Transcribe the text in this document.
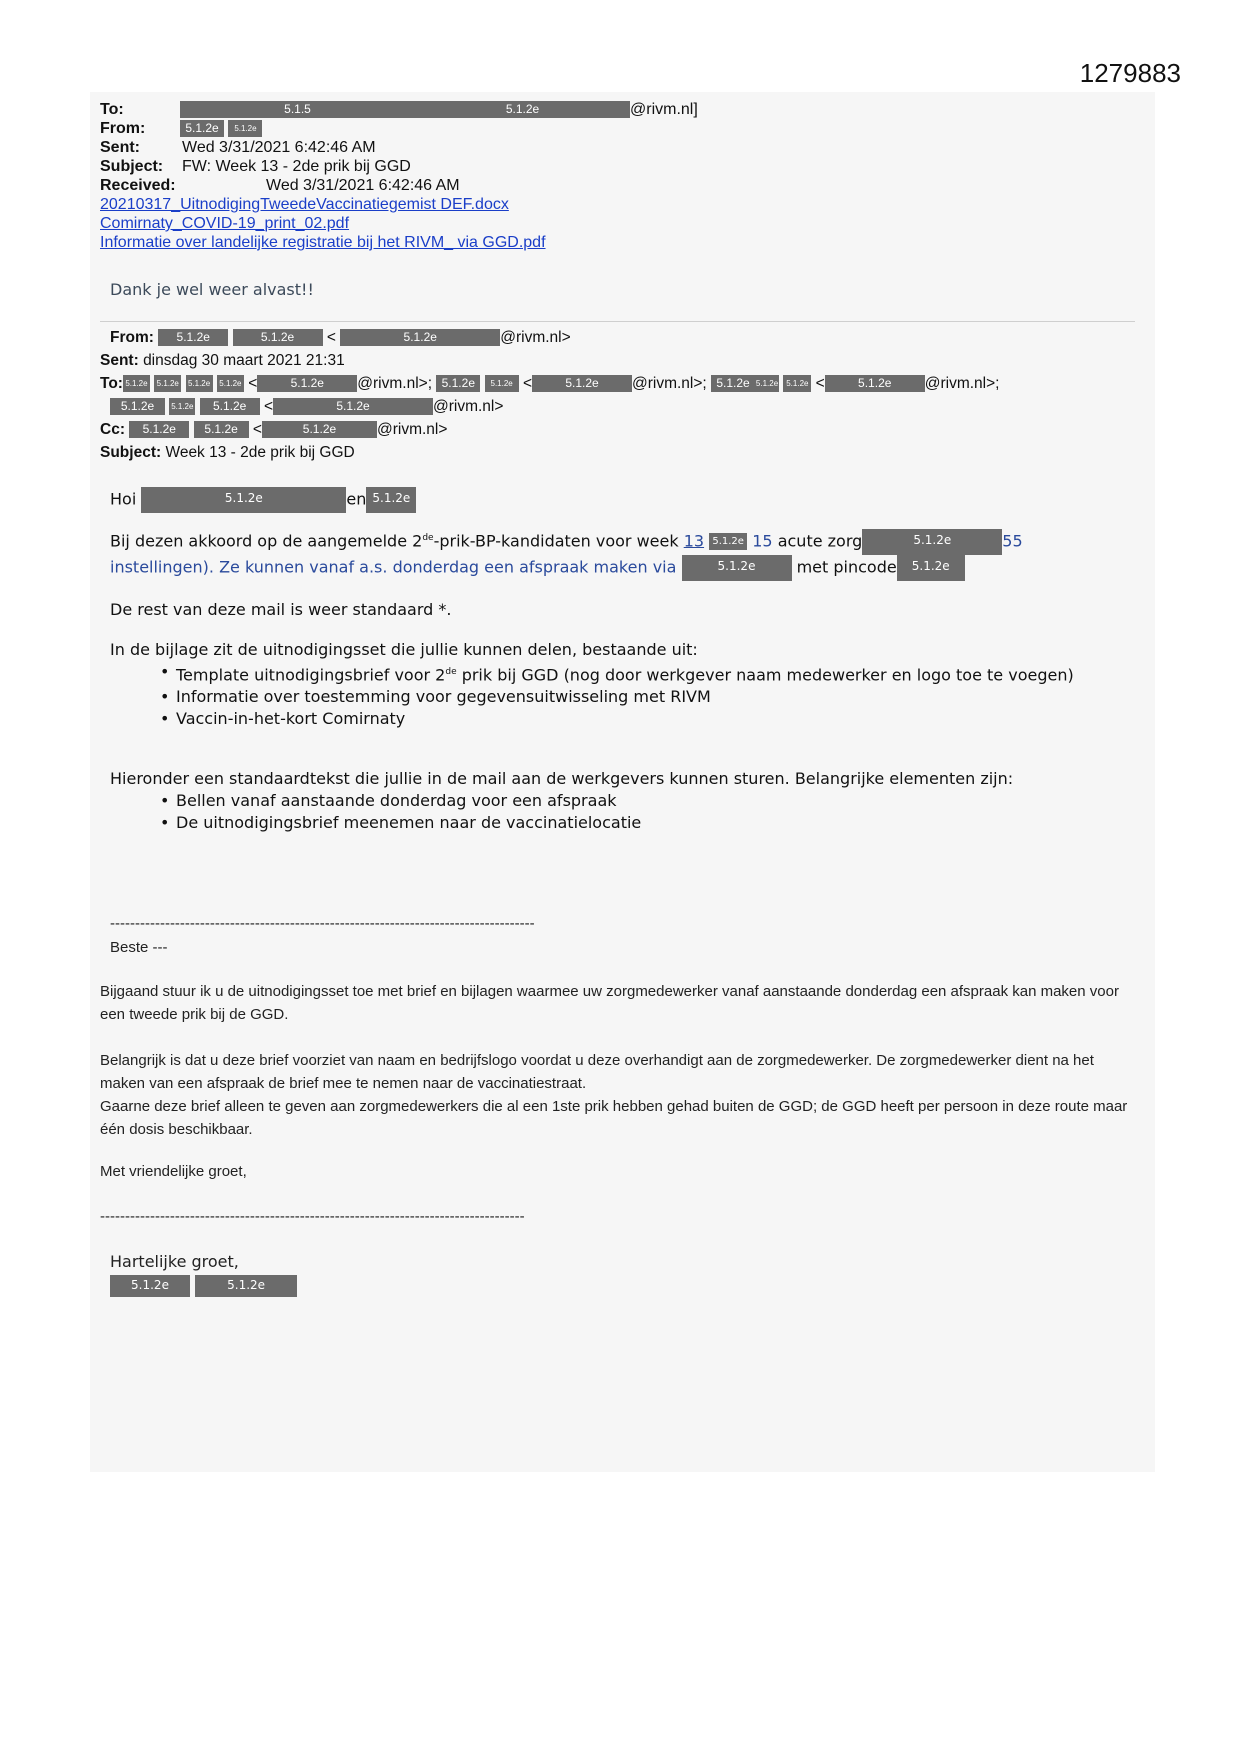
1279883
To:	5.1.5	5.1.2e	@rivm.nl]
From:	5.1.2e 5.1.2e
Sent:	Wed 3/31/2021 6:42:46 AM
Subject: FW: Week 13 - 2de prik bij GGD
Received:	Wed 3/31/2021 6:42:46 AM
20210317_UitnodigingTweedeVaccinatiegemist DEF.docx
Comirnaty_COVID-19_print_02.pdf
Informatie over landelijke registratie bij het RIVM_ via GGD.pdf
Dank je wel weer alvast!!
From: 5.1.2e	5.1.2e <	5.1.2e	@rivm.nl>
Sent: dinsdag 30 maart 2021 21:31
To: 5.1.2e 5.1.2e 5.1.2e 5.1.2e <	5.1.2e @rivm.nl>; 5.1.2e 5.1.2e <	5.1.2e @rivm.nl>; 5.1.2e 5.1.2e 5.1.2e <	5.1.2e @rivm.nl>;
5.1.2e 5.1.2e 5.1.2e <	5.1.2e	@rivm.nl>
Cc: 5.1.2e 5.1.2e <	5.1.2e	@rivm.nl>
Subject: Week 13 - 2de prik bij GGD

Hoi	5.1.2e	en 5.1.2e

Bij dezen akkoord op de aangemelde 2de-prik-BP-kandidaten voor week 13 5.1.2e 15 acute zorg	5.1.2e	55
instellingen). Ze kunnen vanaf a.s. donderdag een afspraak maken via	5.1.2e	met pincode 5.1.2e

De rest van deze mail is weer standaard *.

In de bijlage zit de uitnodigingsset die jullie kunnen delen, bestaande uit:

• Template uitnodigingsbrief voor 2de prik bij GGD (nog door werkgever naam medewerker en logo toe te voegen)
• Informatie over toestemming voor gegevensuitwisseling met RIVM
• Vaccin-in-het-kort Comirnaty

Hieronder een standaardtekst die jullie in de mail aan de werkgevers kunnen sturen. Belangrijke elementen zijn:

• Bellen vanaf aanstaande donderdag voor een afspraak
• De uitnodigingsbrief meenemen naar de vaccinatielocatie
-------------------------------------------------------------------------------------
Beste ---
Bijgaand stuur ik u de uitnodigingsset toe met brief en bijlagen waarmee uw zorgmedewerker vanaf aanstaande donderdag een afspraak kan maken voor een tweede prik bij de GGD.
Belangrijk is dat u deze brief voorziet van naam en bedrijfslogo voordat u deze overhandigt aan de zorgmedewerker. De zorgmedewerker dient na het maken van een afspraak de brief mee te nemen naar de vaccinatiestraat.
Gaarne deze brief alleen te geven aan zorgmedewerkers die al een 1ste prik hebben gehad buiten de GGD; de GGD heeft per persoon in deze route maar één dosis beschikbaar.
Met vriendelijke groet,
-------------------------------------------------------------------------------------
Hartelijke groet,
5.1.2e	5.1.2e
